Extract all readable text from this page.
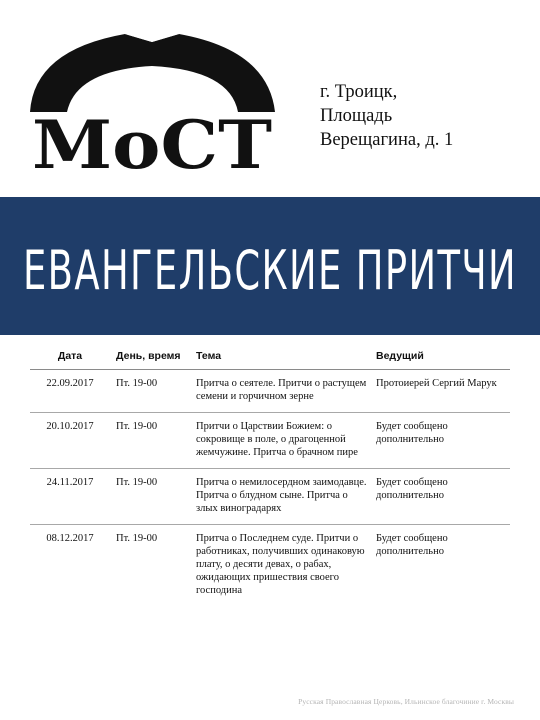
МоСТ
г. Троицк,
Площадь
Верещагина, д. 1
ЕВАНГЕЛЬСКИЕ ПРИТЧИ
Дата	День, время	Тема	Ведущий
22.09.2017	Пт. 19-00	Притча о сеятеле. Притчи о растущем семени и горчичном зерне	Протоиерей Сергий Марук
20.10.2017	Пт. 19-00	Притчи о Царствии Божием: о сокровище в поле, о драгоценной жемчужине. Притча о брачном пире	Будет сообщено дополнительно
24.11.2017	Пт. 19-00	Притча о немилосердном заимодавце. Притча о блудном сыне. Притча о злых виноградарях	Будет сообщено дополнительно
08.12.2017	Пт. 19-00	Притча о Последнем суде. Притчи о работниках, получивших одинаковую плату, о десяти девах, о рабах, ожидающих пришествия своего господина	Будет сообщено дополнительно
Русская Православная Церковь, Ильинское благочиние г. Москвы
